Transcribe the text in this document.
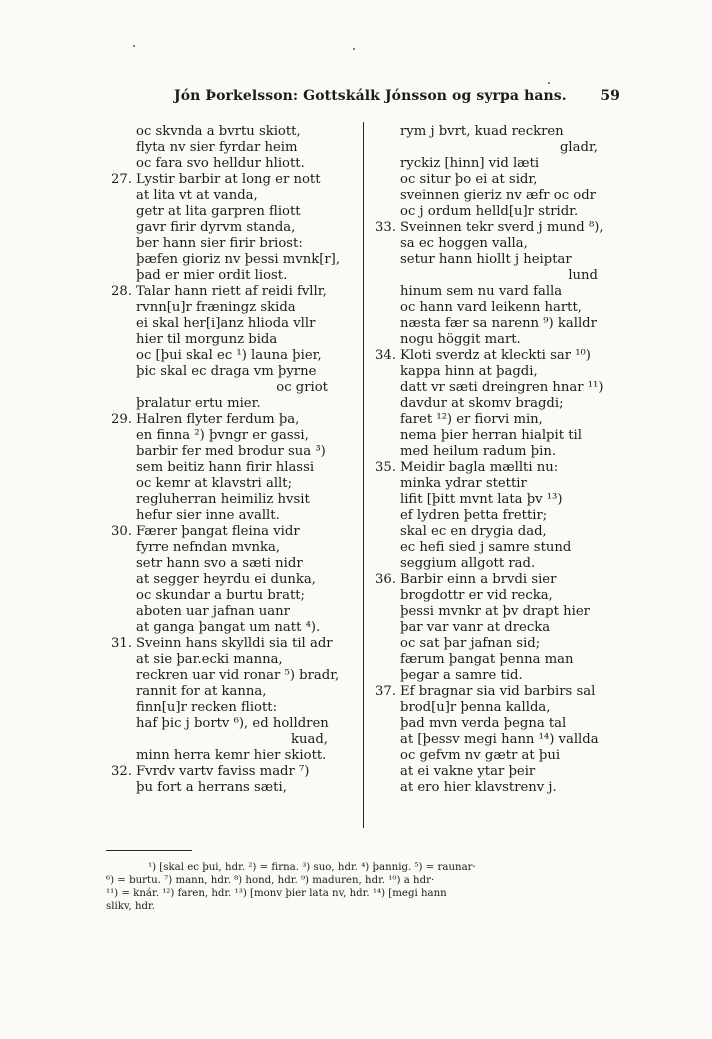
Jón Þorkelsson: Gottskálk Jónsson og syrpa hans. 59
oc skvnda a bvrtu skiott,
flyta nv sier fyrdar heim
oc fara svo helldur hliott.
27. Lystir barbir at long er nott
at lita vt at vanda,
getr at lita garpren fliott
gavr firir dyrvm standa,
ber hann sier firir briost:
þæfen gioriz nv þessi mvnk[r],
þad er mier ordit liost.
28. Talar hann riett af reidi fvllr,
rvnn[u]r fræningz skida
ei skal her[i]anz hlioda vllr
hier til morgunz bida
oc [þui skal ec ¹) launa þier,
þic skal ec draga vm þyrne
oc griot
þralatur ertu mier.
29. Halren flyter ferdum þa,
en finna ²) þvngr er gassi,
barbir fer med brodur sua ³)
sem beitiz hann firir hlassi
oc kemr at klavstri allt;
regluherran heimiliz hvsit
hefur sier inne avallt.
30. Færer þangat fleina vidr
fyrre nefndan mvnka,
setr hann svo a sæti nidr
at segger heyrdu ei dunka,
oc skundar a burtu bratt;
aboten uar jafnan uanr
at ganga þangat um natt ⁴).
31. Sveinn hans skylldi sia til adr
at sie þar.ecki manna,
reckren uar vid ronar ⁵) bradr,
rannit for at kanna,
finn[u]r recken fliott:
haf þic j bortv ⁶), ed holldren
kuad,
minn herra kemr hier skiott.
32. Fvrdv vartv faviss madr ⁷)
þu fort a herrans sæti,
rym j bvrt, kuad reckren
gladr,
ryckiz [hinn] vid læti
oc situr þo ei at sidr,
sveinnen gieriz nv æfr oc odr
oc j ordum helld[u]r stridr.
33. Sveinnen tekr sverd j mund ⁸),
sa ec hoggen valla,
setur hann hiollt j heiptar
lund
hinum sem nu vard falla
oc hann vard leikenn hartt,
næsta fær sa narenn ⁹) kalldr
nogu höggit mart.
34. Kloti sverdz at kleckti sar ¹⁰)
kappa hinn at þagdi,
datt vr sæti dreingren hnar ¹¹)
davdur at skomv bragdi;
faret ¹²) er fiorvi min,
nema þier herran hialpit til
med heilum radum þin.
35. Meidir bagla mællti nu:
minka ydrar stettir
lifit [þitt mvnt lata þv ¹³)
ef lydren þetta frettir;
skal ec en drygia dad,
ec hefi sied j samre stund
seggium allgott rad.
36. Barbir einn a brvdi sier
brogdottr er vid recka,
þessi mvnkr at þv drapt hier
þar var vanr at drecka
oc sat þar jafnan sid;
færum þangat þenna man
þegar a samre tid.
37. Ef bragnar sia vid barbirs sal
brod[u]r þenna kallda,
þad mvn verda þegna tal
at [þessv megi hann ¹⁴) vallda
oc gefvm nv gætr at þui
at ei vakne ytar þeir
at ero hier klavstrenv j.
¹) [skal ec þui, hdr. ²) = firna. ³) suo, hdr. ⁴) þannig. ⁵) = raunar·
⁶) = burtu. ⁷) mann, hdr. ⁸) hond, hdr. ⁹) maduren, hdr. ¹⁰) a hdr·
¹¹) = knár. ¹²) faren, hdr. ¹³) [monv þier lata nv, hdr. ¹⁴) [megi hann
slikv, hdr.
